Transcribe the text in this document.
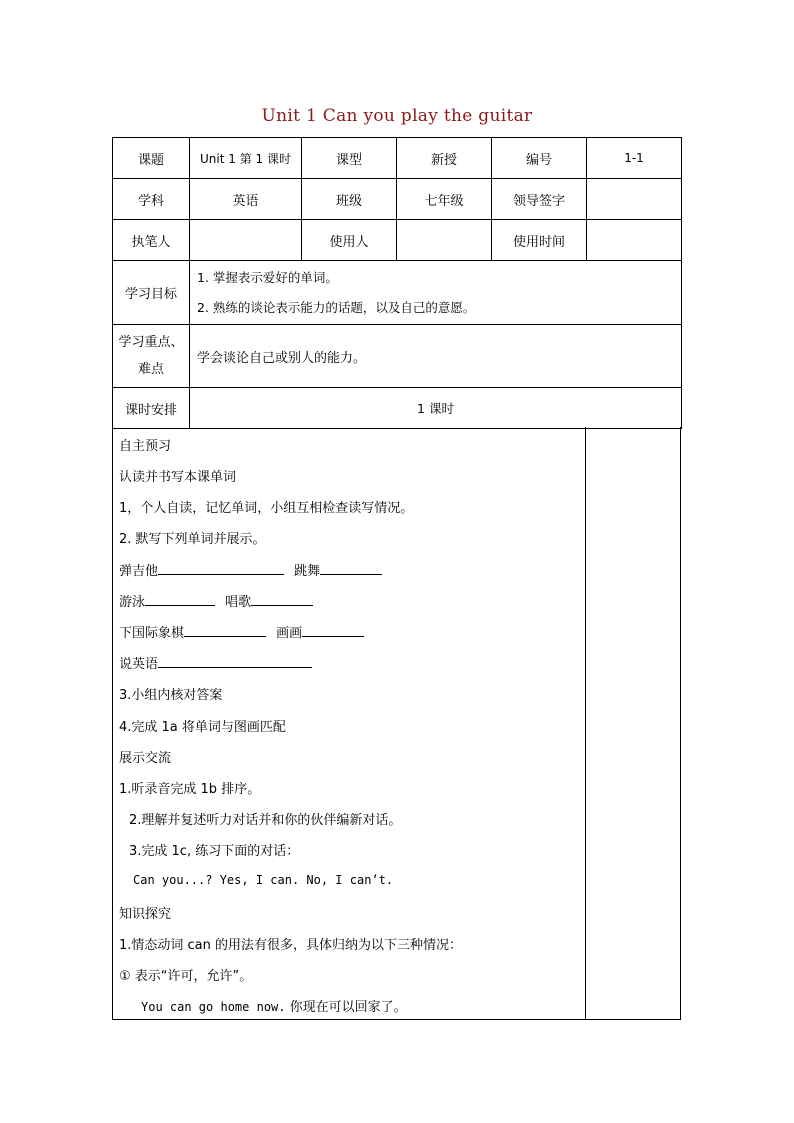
Unit 1 Can you play the guitar
课题	Unit 1 第 1 课时	课型	新授	编号	1-1
学科	英语	班级	七年级	领导签字	
执笔人		使用人		使用时间	
学习目标	1. 掌握表示爱好的单词。
2. 熟练的谈论表示能力的话题，以及自己的意愿。				

学习重点、
难点	学会谈论自己或别人的能力。				
课时安排	1 课时				
自主预习
认读并书写本课单词
1，个人自读，记忆单词，小组互相检查读写情况。
2. 默写下列单词并展示。
弹吉他	跳舞
游泳	唱歌
下国际象棋	画画
说英语
3.小组内核对答案
4.完成 1a 将单词与图画匹配
展示交流
1.听录音完成 1b 排序。
2.理解并复述听力对话并和你的伙伴编新对话。
3.完成 1c, 练习下面的对话：
Can you...? Yes, I can. No, I can’t.
知识探究
1.情态动词 can 的用法有很多，具体归纳为以下三种情况：
① 表示“许可，允许”。
You can go home now. 你现在可以回家了。
